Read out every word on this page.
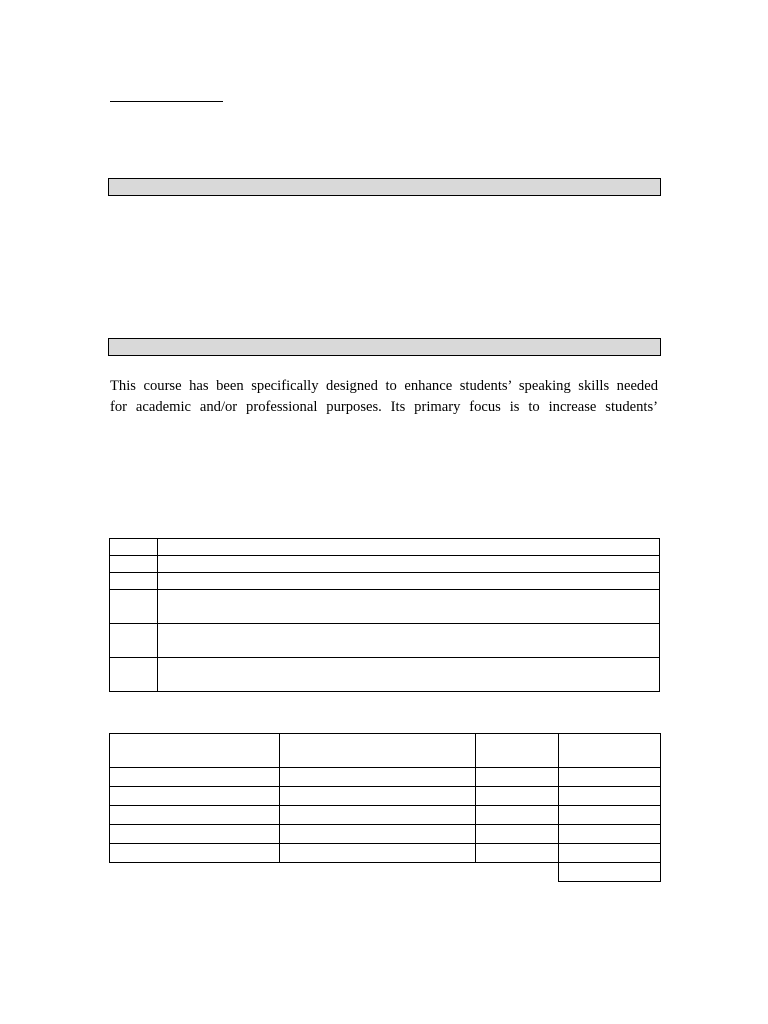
This course has been specifically designed to enhance students’ speaking skills needed
for academic and/or professional purposes. Its primary focus is to increase students’
